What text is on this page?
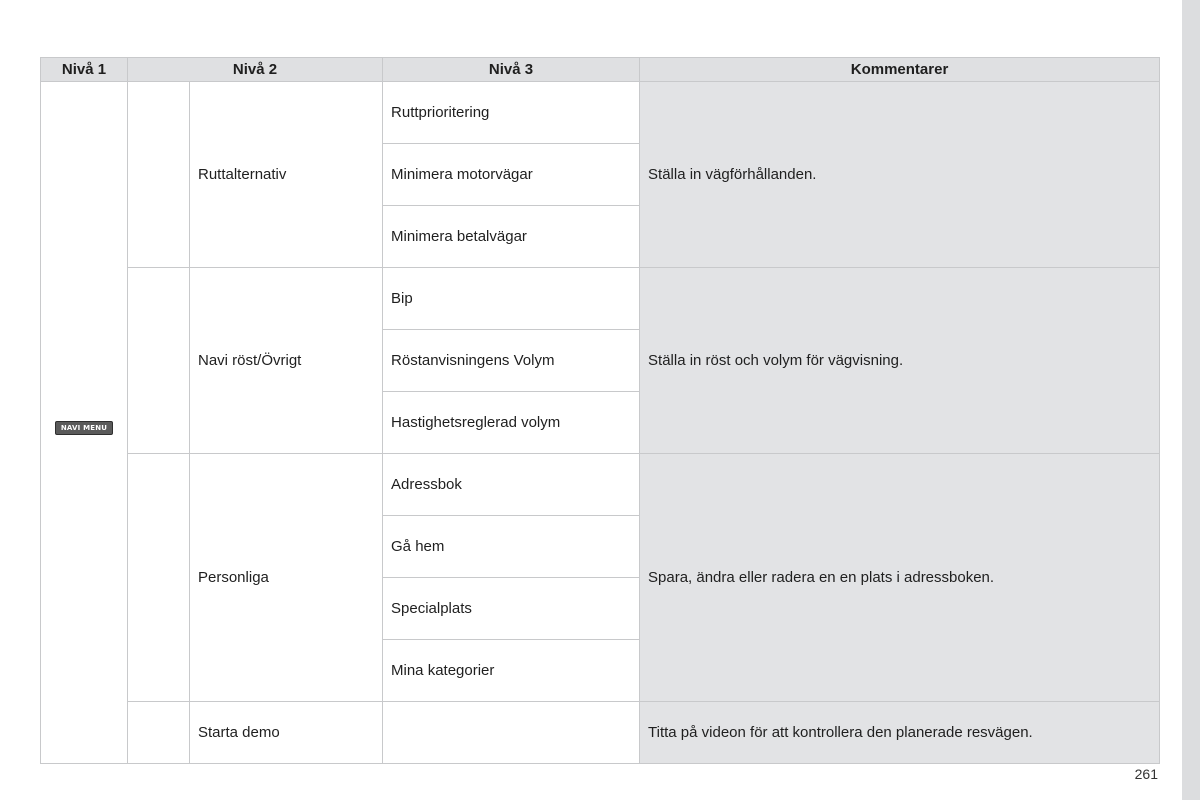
Nivå 1	Nivå 2		Nivå 3	Kommentarer
NAVI MENU		Ruttalternativ	Ruttprioritering	Ställa in vägförhållanden.
			Minimera motorvägar	
			Minimera betalvägar	
		Navi röst/Övrigt	Bip	Ställa in röst och volym för vägvisning.
			Röstanvisningens Volym	
			Hastighetsreglerad volym	
		Personliga	Adressbok	Spara, ändra eller radera en en plats i adressboken.
			Gå hem	
			Specialplats	
			Mina kategorier	
		Starta demo		Titta på videon för att kontrollera den planerade resvägen.
261
